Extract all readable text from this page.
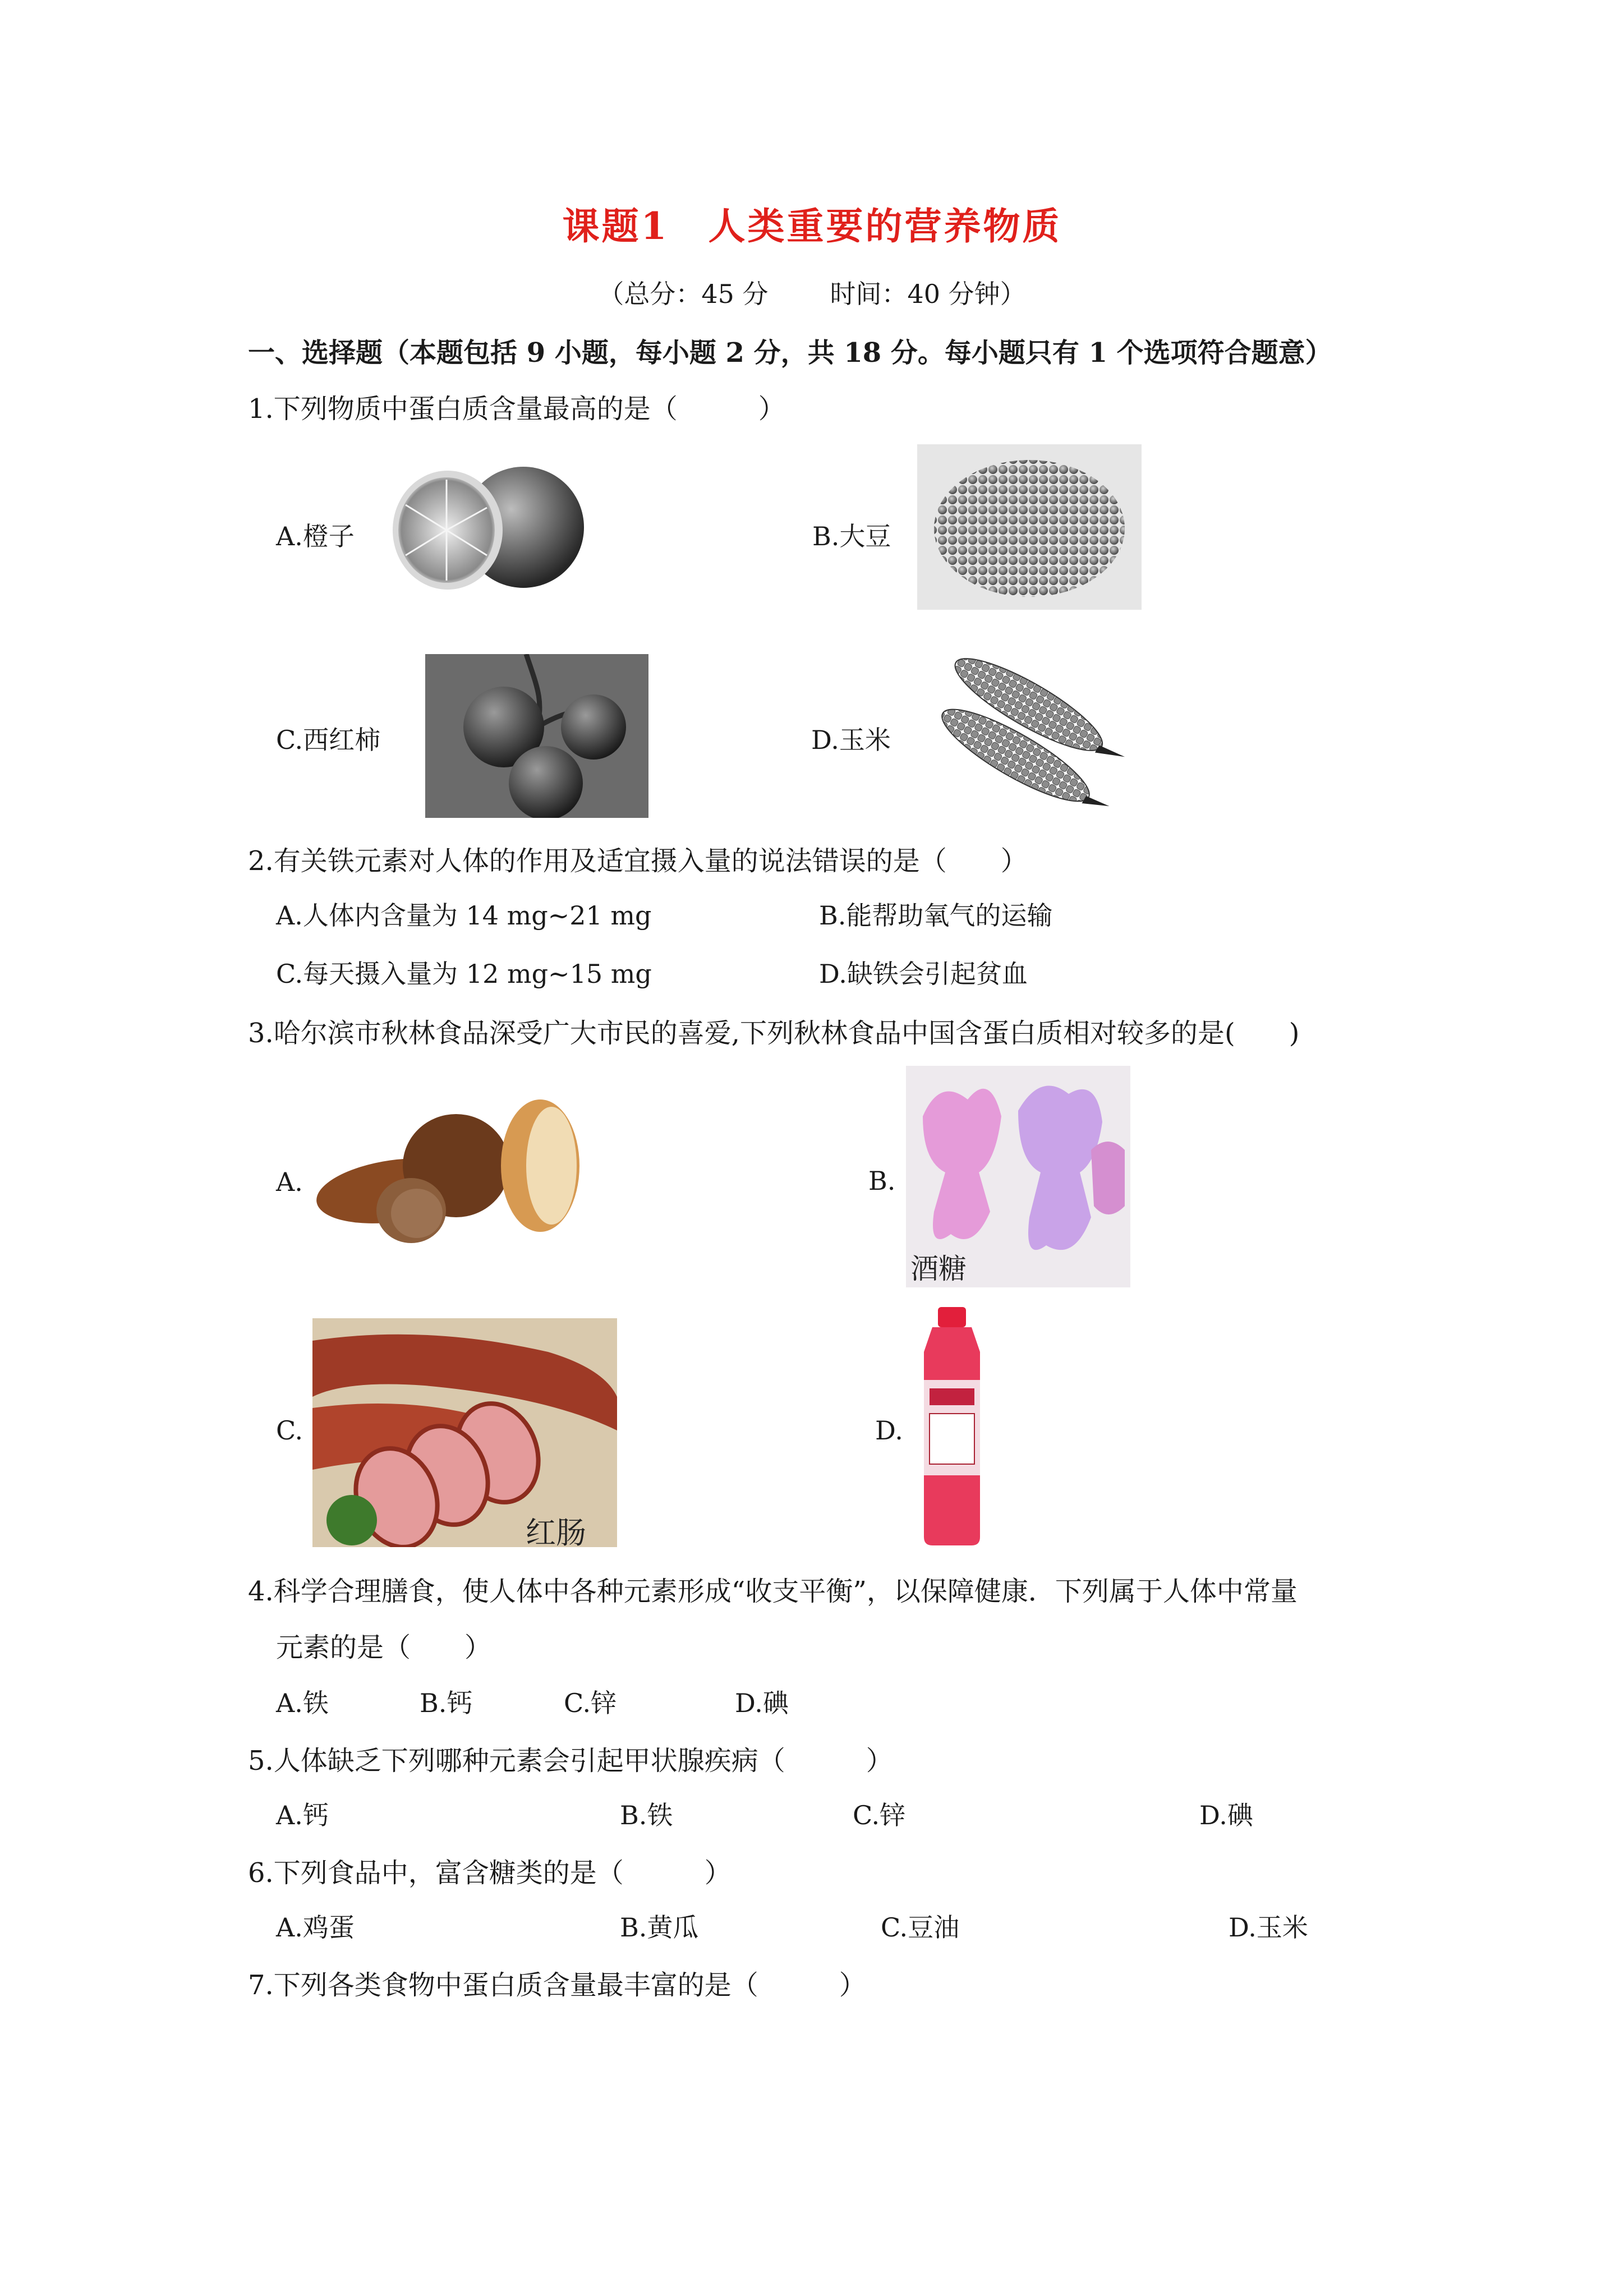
课题1　人类重要的营养物质
（总分：45 分 时间：40 分钟）
一、选择题（本题包括 9 小题，每小题 2 分，共 18 分。每小题只有 1 个选项符合题意）
1.下列物质中蛋白质含量最高的是（　　　）
A.橙子	B.大豆
C.西红柿	D.玉米
2.有关铁元素对人体的作用及适宜摄入量的说法错误的是（　　）
A.人体内含量为 14 mg~21 mg	B.能帮助氧气的运输
C.每天摄入量为 12 mg~15 mg	D.缺铁会引起贫血
3.哈尔滨市秋林食品深受广大市民的喜爱,下列秋林食品中国含蛋白质相对较多的是(　　)
A.	B.
酒糖
C.
红肠
D.
4.科学合理膳食，使人体中各种元素形成“收支平衡”，以保障健康．下列属于人体中常量
元素的是（　　）
A.铁	B.钙	C.锌	D.碘
5.人体缺乏下列哪种元素会引起甲状腺疾病（　　　）
A.钙	B.铁	C.锌	D.碘
6.下列食品中，富含糖类的是（　　　）
A.鸡蛋	B.黄瓜	C.豆油	D.玉米
7.下列各类食物中蛋白质含量最丰富的是（　　　）
